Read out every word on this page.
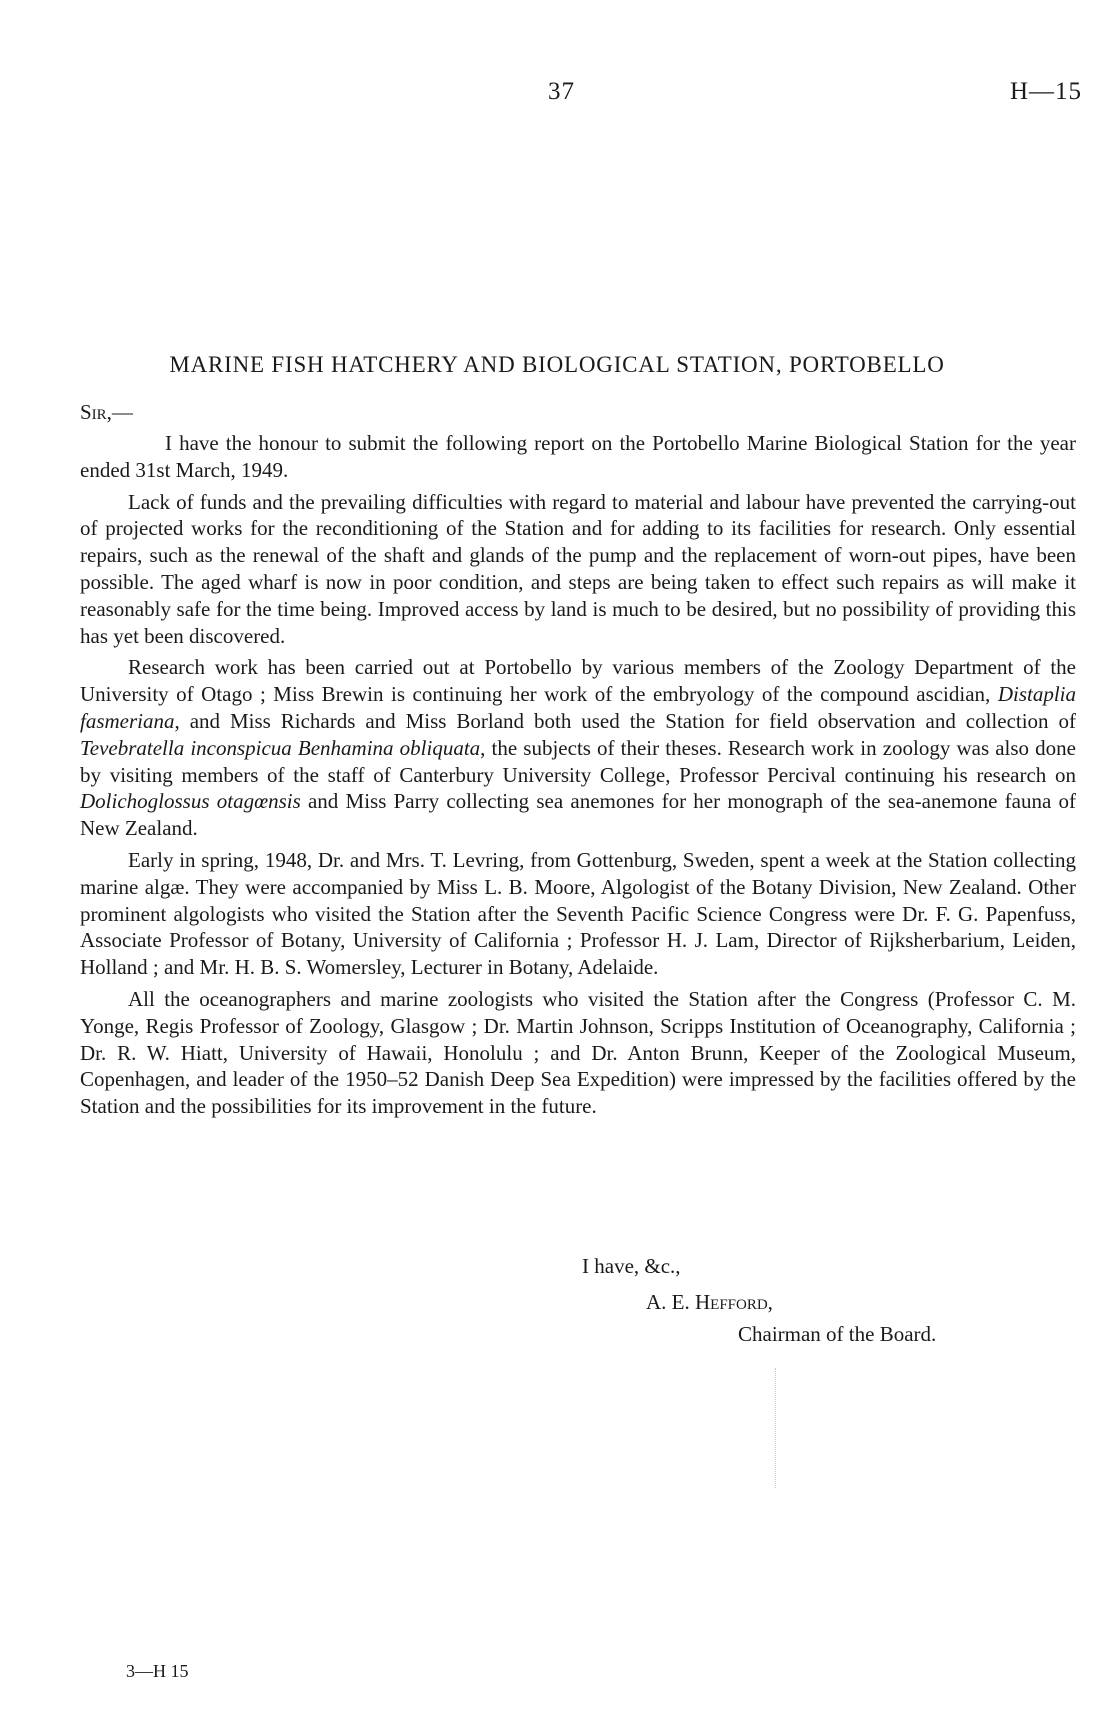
37	H—15
MARINE FISH HATCHERY AND BIOLOGICAL STATION, PORTOBELLO
Sir,—

I have the honour to submit the following report on the Portobello Marine Biological Station for the year ended 31st March, 1949.

Lack of funds and the prevailing difficulties with regard to material and labour have prevented the carrying-out of projected works for the reconditioning of the Station and for adding to its facilities for research. Only essential repairs, such as the renewal of the shaft and glands of the pump and the replacement of worn-out pipes, have been possible. The aged wharf is now in poor condition, and steps are being taken to effect such repairs as will make it reasonably safe for the time being. Improved access by land is much to be desired, but no possibility of providing this has yet been discovered.

Research work has been carried out at Portobello by various members of the Zoology Department of the University of Otago ; Miss Brewin is continuing her work of the embryology of the compound ascidian, Distaplia fasmeriana, and Miss Richards and Miss Borland both used the Station for field observation and collection of Tevebratella inconspicua Benhamina obliquata, the subjects of their theses. Research work in zoology was also done by visiting members of the staff of Canterbury University College, Professor Percival continuing his research on Dolichoglossus otagœnsis and Miss Parry collecting sea anemones for her monograph of the sea-anemone fauna of New Zealand.

Early in spring, 1948, Dr. and Mrs. T. Levring, from Gottenburg, Sweden, spent a week at the Station collecting marine algæ. They were accompanied by Miss L. B. Moore, Algologist of the Botany Division, New Zealand. Other prominent algologists who visited the Station after the Seventh Pacific Science Congress were Dr. F. G. Papenfuss, Associate Professor of Botany, University of California ; Professor H. J. Lam, Director of Rijksherbarium, Leiden, Holland ; and Mr. H. B. S. Womersley, Lecturer in Botany, Adelaide.

All the oceanographers and marine zoologists who visited the Station after the Congress (Professor C. M. Yonge, Regis Professor of Zoology, Glasgow ; Dr. Martin Johnson, Scripps Institution of Oceanography, California ; Dr. R. W. Hiatt, University of Hawaii, Honolulu ; and Dr. Anton Brunn, Keeper of the Zoological Museum, Copenhagen, and leader of the 1950–52 Danish Deep Sea Expedition) were impressed by the facilities offered by the Station and the possibilities for its improvement in the future.

I have, &c.,
A. E. Hefford,
Chairman of the Board.
3—H 15
